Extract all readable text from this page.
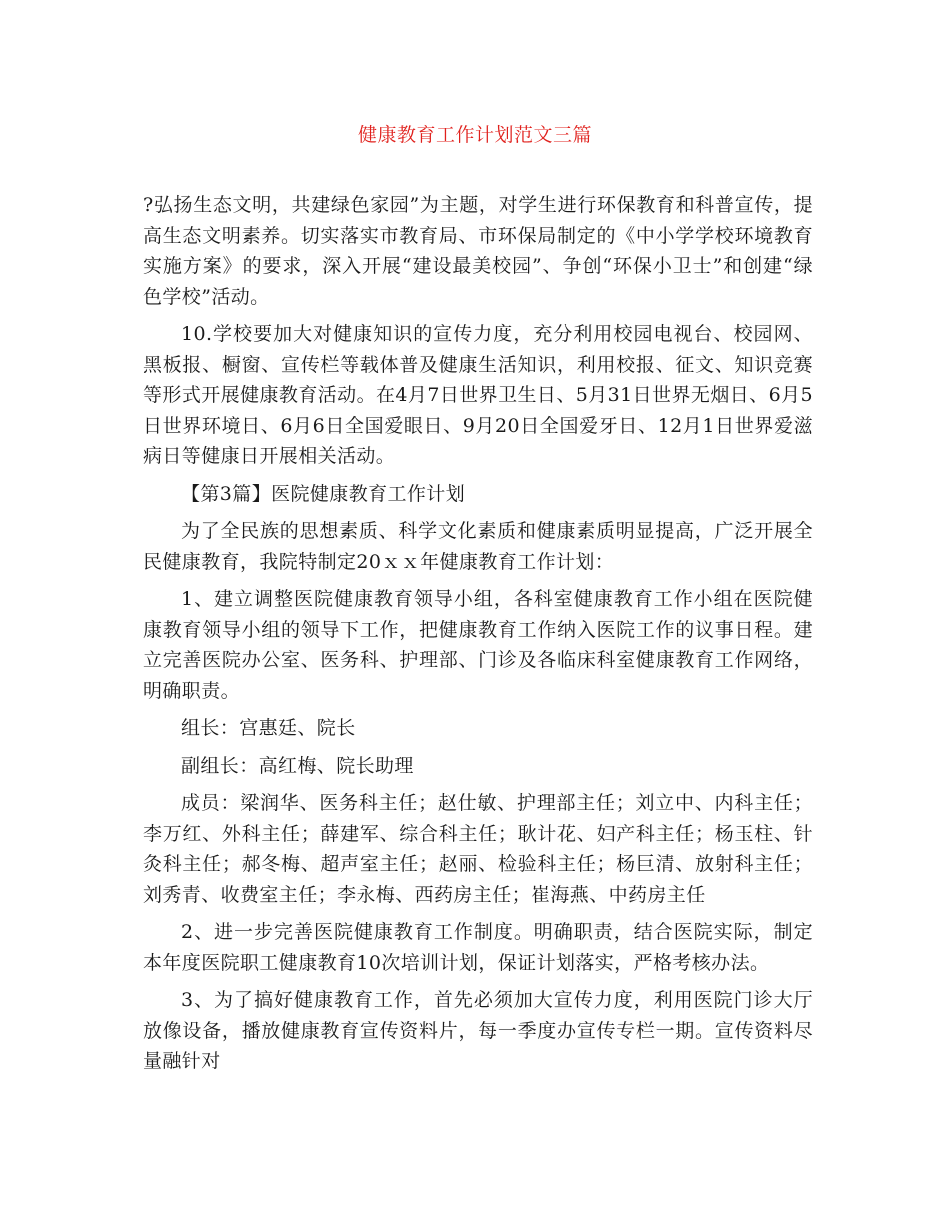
健康教育工作计划范文三篇

?弘扬生态文明，共建绿色家园”为主题，对学生进行环保教育和科普宣传，提高生态文明素养。切实落实市教育局、市环保局制定的《中小学学校环境教育实施方案》的要求，深入开展“建设最美校园”、争创“环保小卫士”和创建“绿色学校”活动。

10.学校要加大对健康知识的宣传力度，充分利用校园电视台、校园网、黑板报、橱窗、宣传栏等载体普及健康生活知识，利用校报、征文、知识竞赛等形式开展健康教育活动。在4月7日世界卫生日、5月31日世界无烟日、6月5日世界环境日、6月6日全国爱眼日、9月20日全国爱牙日、12月1日世界爱滋病日等健康日开展相关活动。

【第3篇】医院健康教育工作计划

为了全民族的思想素质、科学文化素质和健康素质明显提高，广泛开展全民健康教育，我院特制定20ｘｘ年健康教育工作计划：

1、建立调整医院健康教育领导小组，各科室健康教育工作小组在医院健康教育领导小组的领导下工作，把健康教育工作纳入医院工作的议事日程。建立完善医院办公室、医务科、护理部、门诊及各临床科室健康教育工作网络，明确职责。

组长：宫惠廷、院长

副组长：高红梅、院长助理

成员：梁润华、医务科主任；赵仕敏、护理部主任；刘立中、内科主任；李万红、外科主任；薛建军、综合科主任；耿计花、妇产科主任；杨玉柱、针灸科主任；郝冬梅、超声室主任；赵丽、检验科主任；杨巨清、放射科主任；刘秀青、收费室主任；李永梅、西药房主任；崔海燕、中药房主任

2、进一步完善医院健康教育工作制度。明确职责，结合医院实际，制定本年度医院职工健康教育10次培训计划，保证计划落实，严格考核办法。

3、为了搞好健康教育工作，首先必须加大宣传力度，利用医院门诊大厅放像设备，播放健康教育宣传资料片，每一季度办宣传专栏一期。宣传资料尽量融针对
